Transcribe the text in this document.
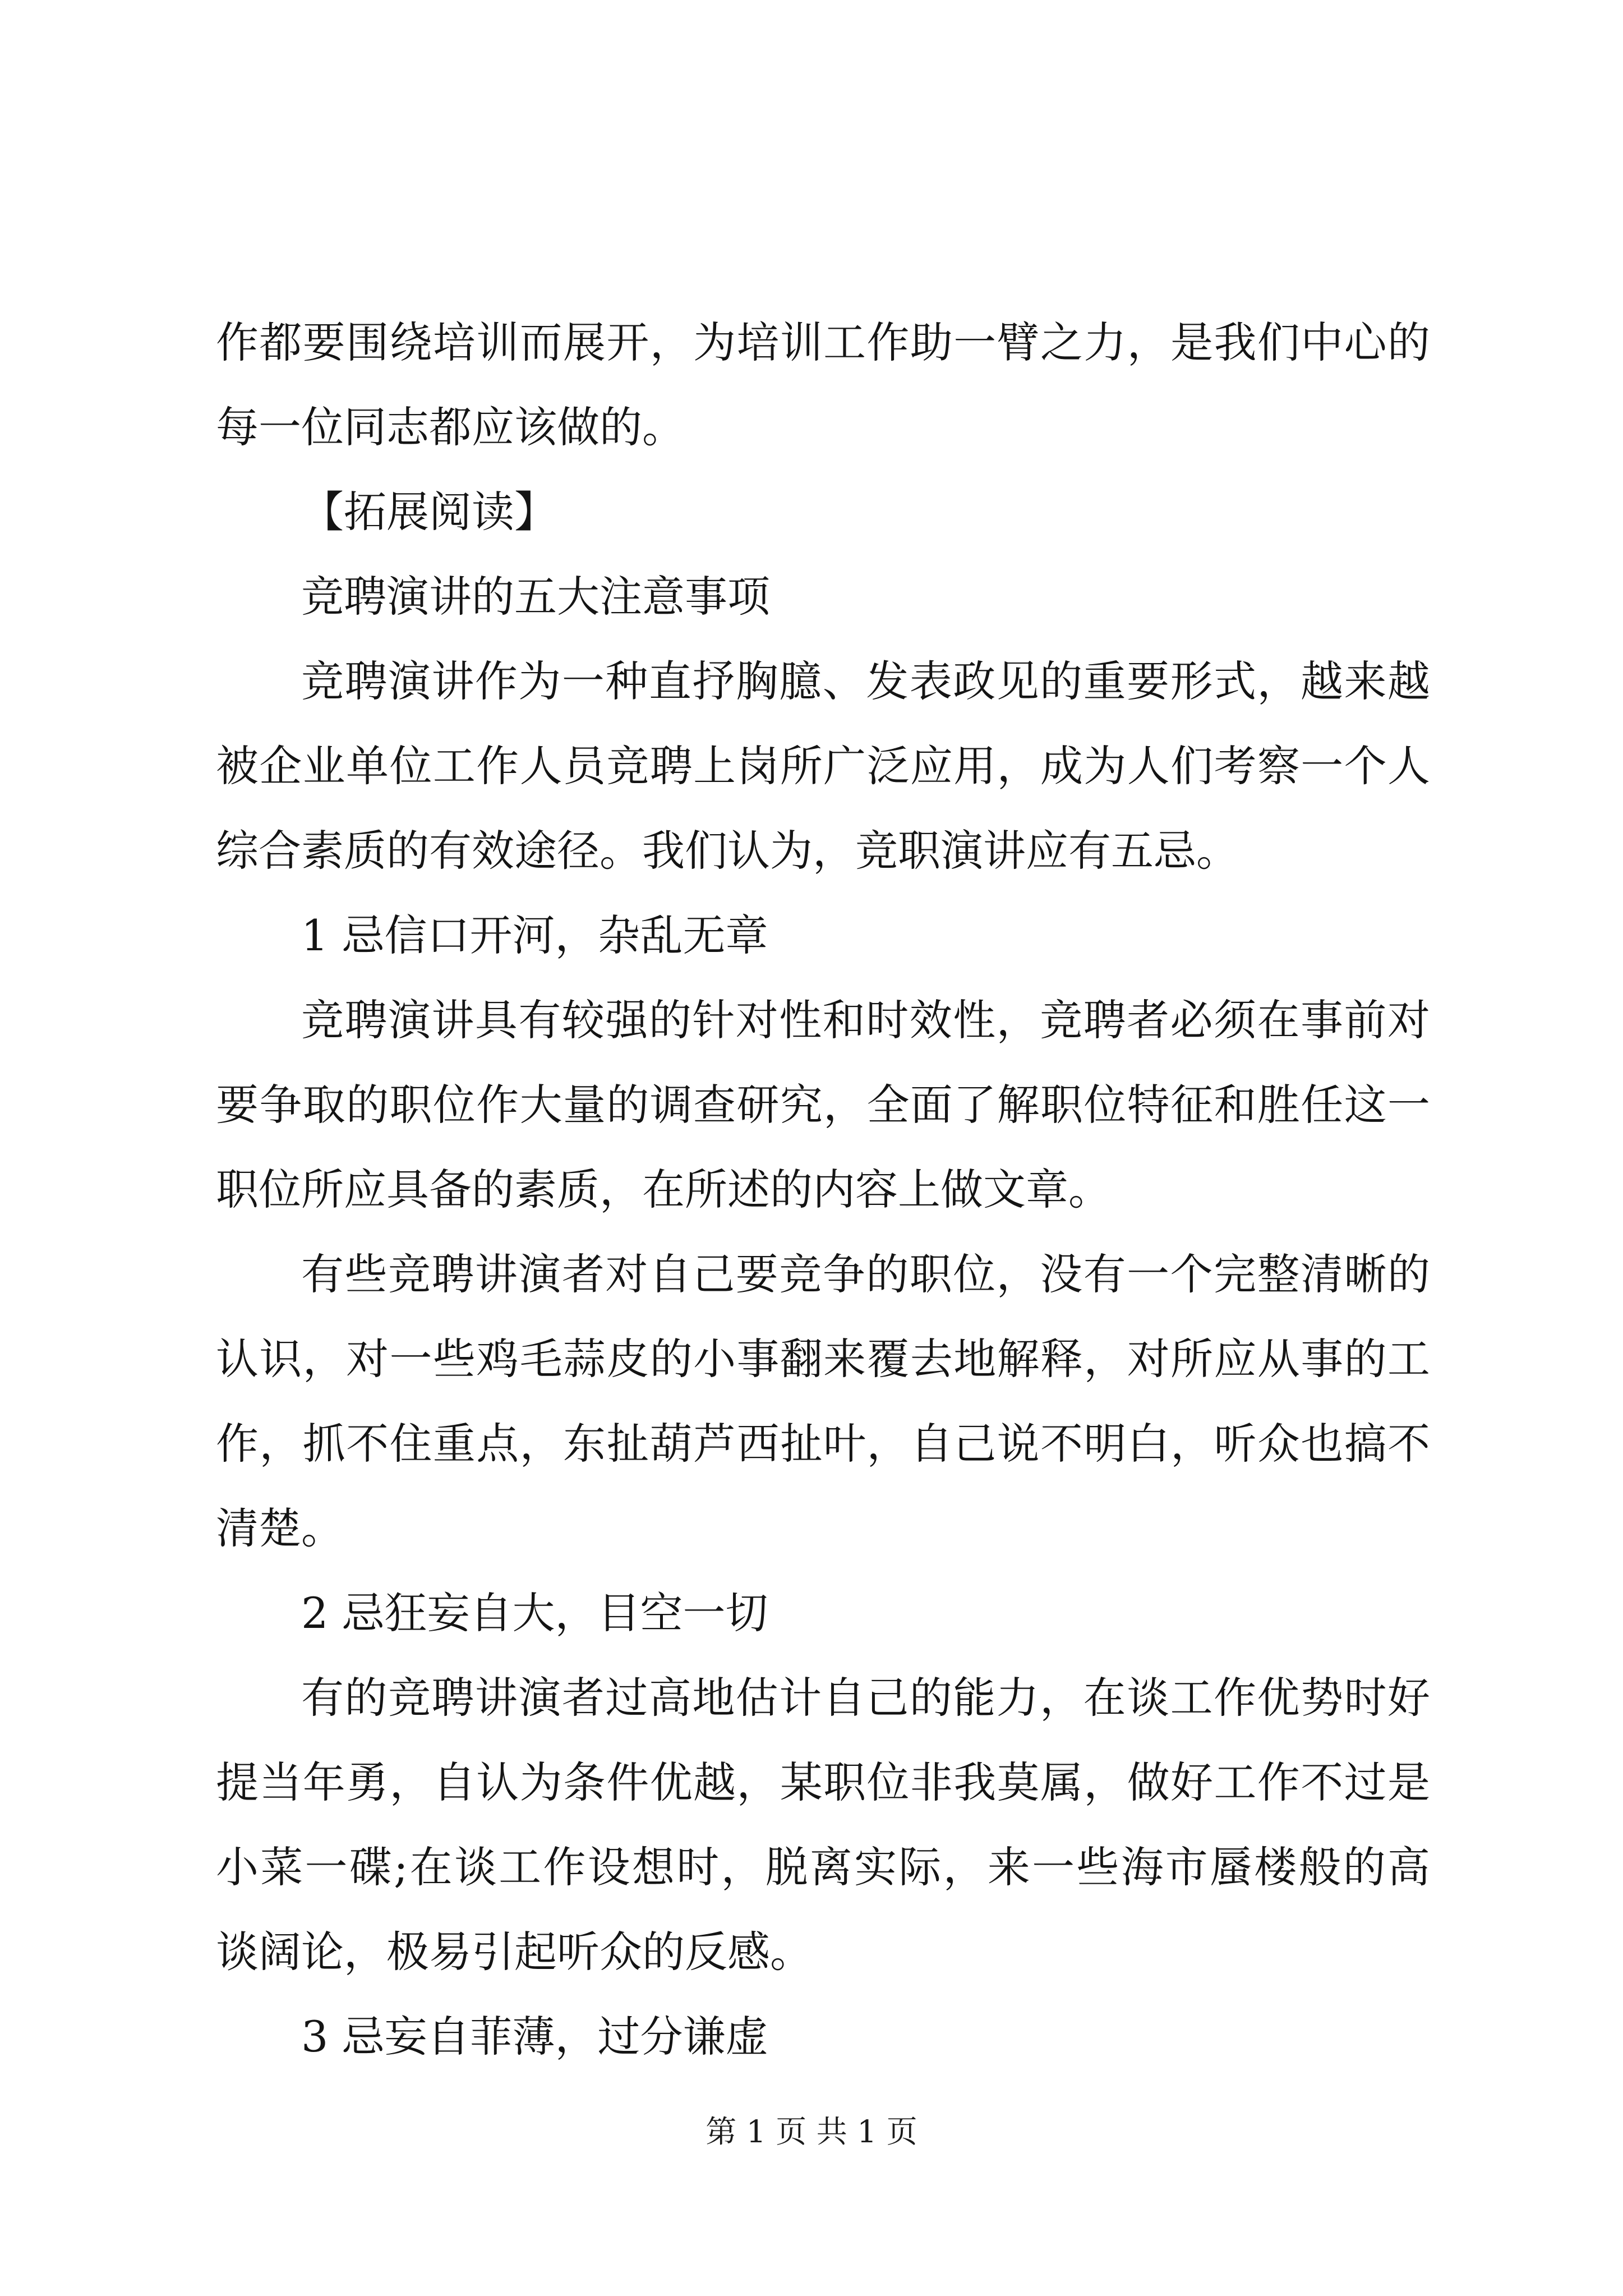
作都要围绕培训而展开，为培训工作助一臂之力，是我们中心的
每一位同志都应该做的。
【拓展阅读】
竞聘演讲的五大注意事项
竞聘演讲作为一种直抒胸臆、发表政见的重要形式，越来越
被企业单位工作人员竞聘上岗所广泛应用，成为人们考察一个人
综合素质的有效途径。我们认为，竞职演讲应有五忌。
1 忌信口开河，杂乱无章
竞聘演讲具有较强的针对性和时效性，竞聘者必须在事前对
要争取的职位作大量的调查研究，全面了解职位特征和胜任这一
职位所应具备的素质，在所述的内容上做文章。
有些竞聘讲演者对自己要竞争的职位，没有一个完整清晰的
认识，对一些鸡毛蒜皮的小事翻来覆去地解释，对所应从事的工
作，抓不住重点，东扯葫芦西扯叶，自己说不明白，听众也搞不
清楚。
2 忌狂妄自大，目空一切
有的竞聘讲演者过高地估计自己的能力，在谈工作优势时好
提当年勇，自认为条件优越，某职位非我莫属，做好工作不过是
小菜一碟;在谈工作设想时，脱离实际，来一些海市蜃楼般的高
谈阔论，极易引起听众的反感。
3 忌妄自菲薄，过分谦虚
第 1 页 共 1 页
